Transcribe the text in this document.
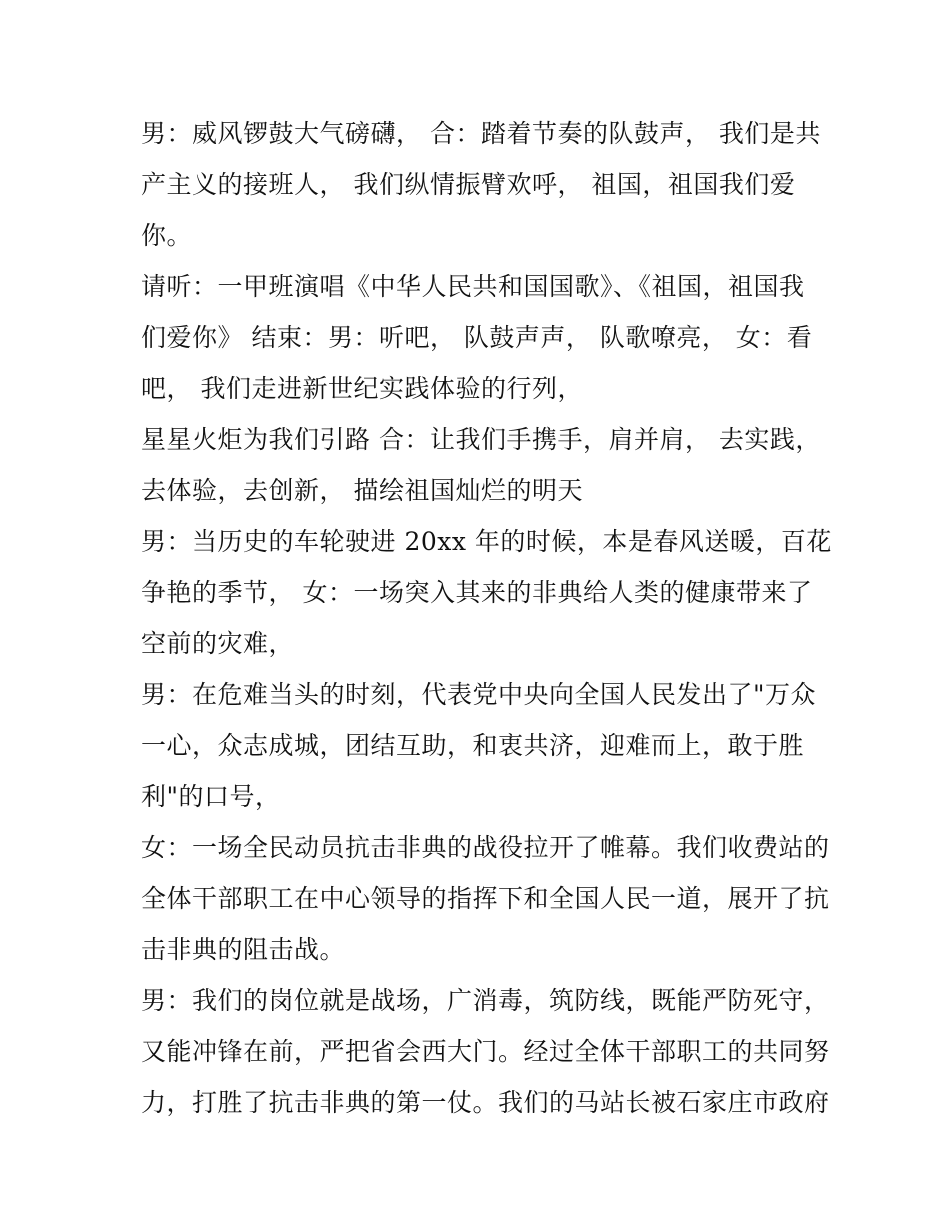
男：威风锣鼓大气磅礴， 合：踏着节奏的队鼓声， 我们是共
产主义的接班人， 我们纵情振臂欢呼， 祖国，祖国我们爱
你。
请听：一甲班演唱《中华人民共和国国歌》、《祖国，祖国我
们爱你》 结束：男：听吧， 队鼓声声， 队歌嘹亮， 女：看
吧， 我们走进新世纪实践体验的行列，
星星火炬为我们引路 合：让我们手携手，肩并肩， 去实践，
去体验，去创新， 描绘祖国灿烂的明天
男：当历史的车轮驶进 20xx 年的时候，本是春风送暖，百花
争艳的季节， 女：一场突入其来的非典给人类的健康带来了
空前的灾难，
男：在危难当头的时刻，代表党中央向全国人民发出了"万众
一心，众志成城，团结互助，和衷共济，迎难而上，敢于胜
利"的口号，
女：一场全民动员抗击非典的战役拉开了帷幕。我们收费站的
全体干部职工在中心领导的指挥下和全国人民一道，展开了抗
击非典的阻击战。
男：我们的岗位就是战场，广消毒，筑防线，既能严防死守，
又能冲锋在前，严把省会西大门。经过全体干部职工的共同努
力，打胜了抗击非典的第一仗。我们的马站长被石家庄市政府
